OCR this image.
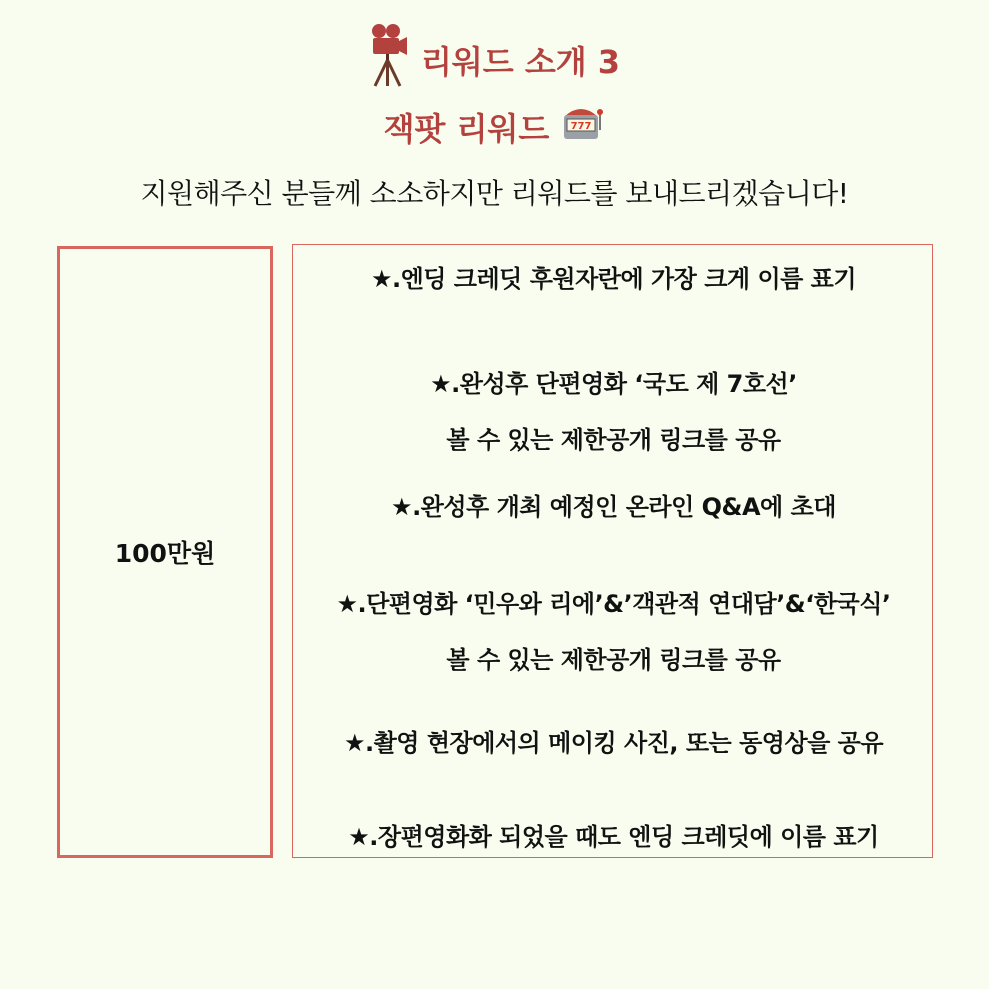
리워드 소개 3
잭팟 리워드 777
지원해주신 분들께 소소하지만 리워드를 보내드리겠습니다!
100만원
★.엔딩 크레딧 후원자란에 가장 크게 이름 표기
★.완성후 단편영화 ‘국도 제 7호선’
볼 수 있는 제한공개 링크를 공유
★.완성후 개최 예정인 온라인 Q&A에 초대
★.단편영화 ‘민우와 리에’&’객관적 연대담’&‘한국식’
볼 수 있는 제한공개 링크를 공유
★.촬영 현장에서의 메이킹 사진, 또는 동영상을 공유
★.장편영화화 되었을 때도 엔딩 크레딧에 이름 표기
